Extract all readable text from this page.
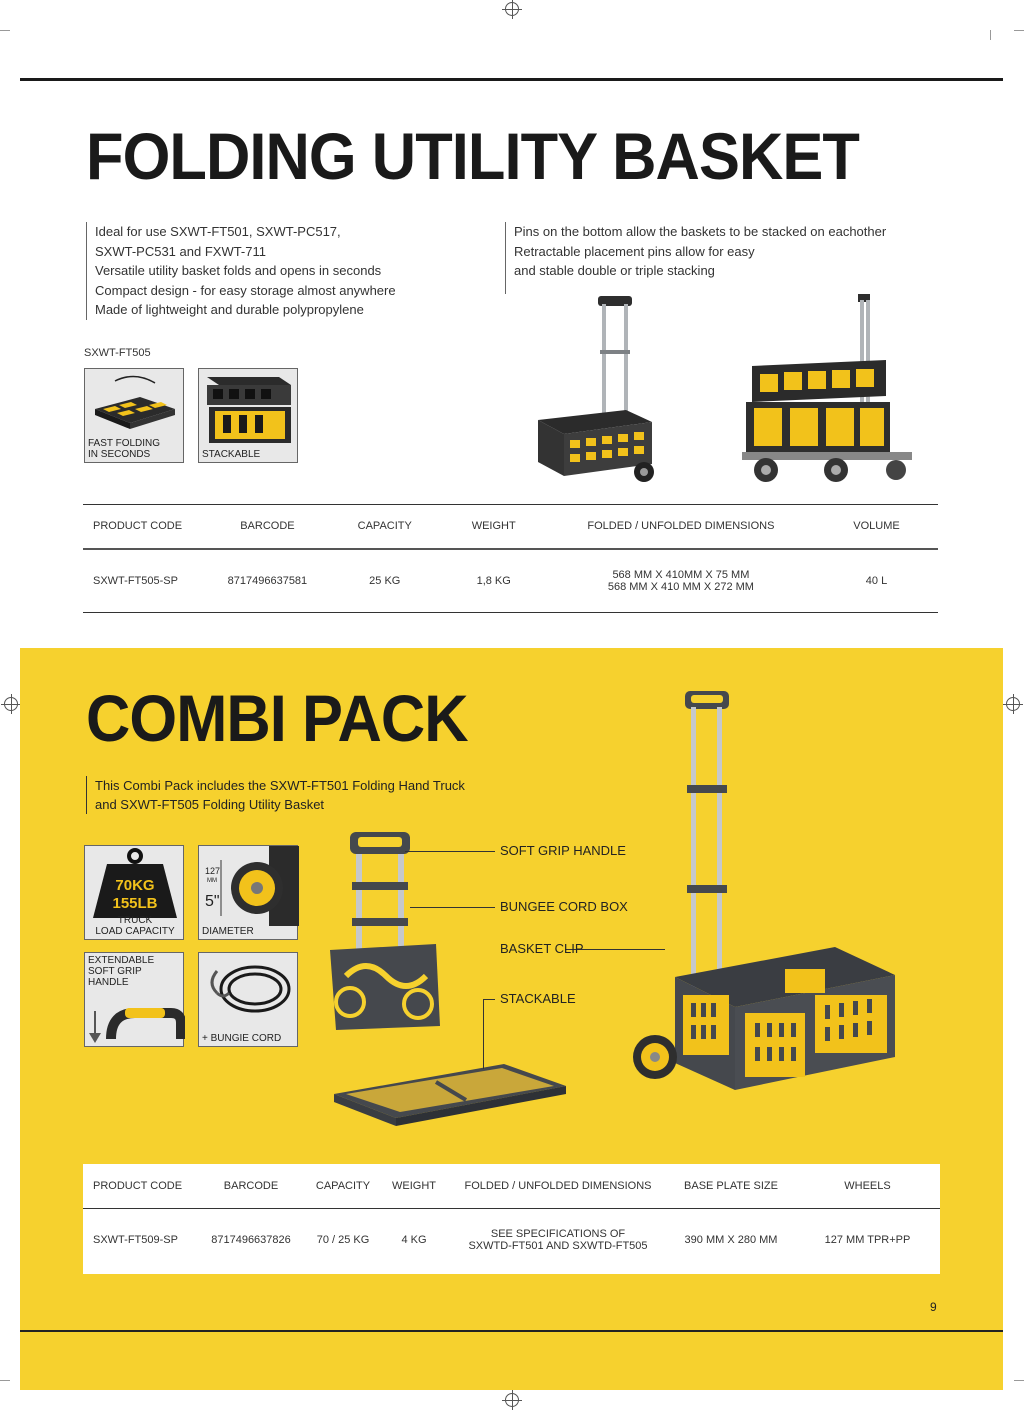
FOLDING UTILITY BASKET
Ideal for use SXWT-FT501, SXWT-PC517,
SXWT-PC531 and FXWT-711
Versatile utility basket folds and opens in seconds
Compact design - for easy storage almost anywhere
Made of lightweight and durable polypropylene
Pins on the bottom allow the baskets to be stacked on eachother
Retractable placement pins allow for easy
and stable double or triple stacking
SXWT-FT505
FAST FOLDING
IN SECONDS	STACKABLE
PRODUCT CODE	BARCODE	CAPACITY	WEIGHT	FOLDED / UNFOLDED DIMENSIONS	VOLUME
SXWT-FT505-SP	8717496637581	25 KG	1,8 KG	568 MM X 410MM X 75 MM
568 MM X 410 MM X 272 MM	40 L
COMBI PACK
This Combi Pack includes the SXWT-FT501 Folding Hand Truck
and SXWT-FT505 Folding Utility Basket
70KG
155LB
TRUCK
LOAD CAPACITY
127
MM
5"
DIAMETER
EXTENDABLE
SOFT GRIP
HANDLE
+ BUNGIE CORD
SOFT GRIP HANDLE
BUNGEE CORD BOX
BASKET CLIP
STACKABLE
PRODUCT CODE	BARCODE	CAPACITY	WEIGHT	FOLDED / UNFOLDED DIMENSIONS	BASE PLATE SIZE	WHEELS
SXWT-FT509-SP	8717496637826	70 / 25 KG	4 KG	SEE SPECIFICATIONS OF
SXWTD-FT501 AND SXWTD-FT505	390 MM X 280 MM	127 MM TPR+PP
9
